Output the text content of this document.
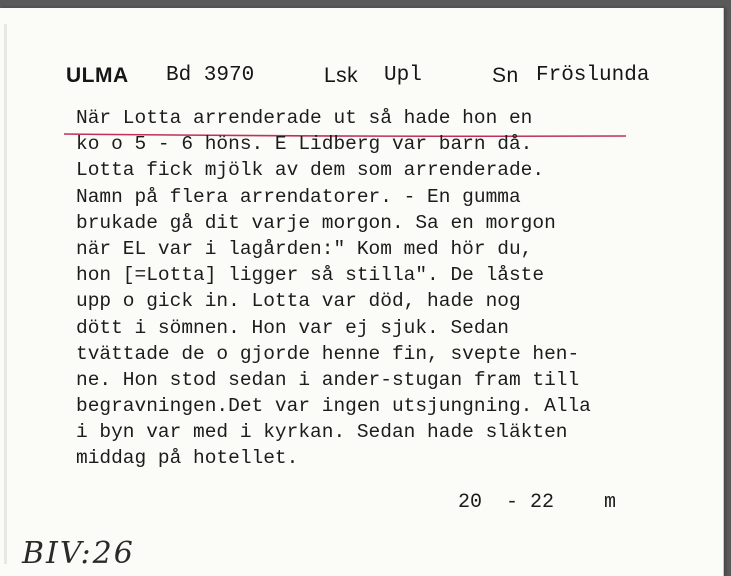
ULMA Bd 3970	Lsk Upl	Sn Fröslunda
När Lotta arrenderade ut så hade hon en
ko o 5 - 6 höns. E Lidberg var barn då.
Lotta fick mjölk av dem som arrenderade.
Namn på flera arrendatorer. - En gumma
brukade gå dit varje morgon. Sa en morgon
när EL var i lagården:" Kom med hör du,
hon [=Lotta] ligger så stilla". De låste
upp o gick in. Lotta var död, hade nog
dött i sömnen. Hon var ej sjuk. Sedan
tvättade de o gjorde henne fin, svepte hen-
ne. Hon stod sedan i ander-stugan fram till
begravningen.Det var ingen utsjungning. Alla
i byn var med i kyrkan. Sedan hade släkten
middag på hotellet.
20  - 22 m
BIV:26
